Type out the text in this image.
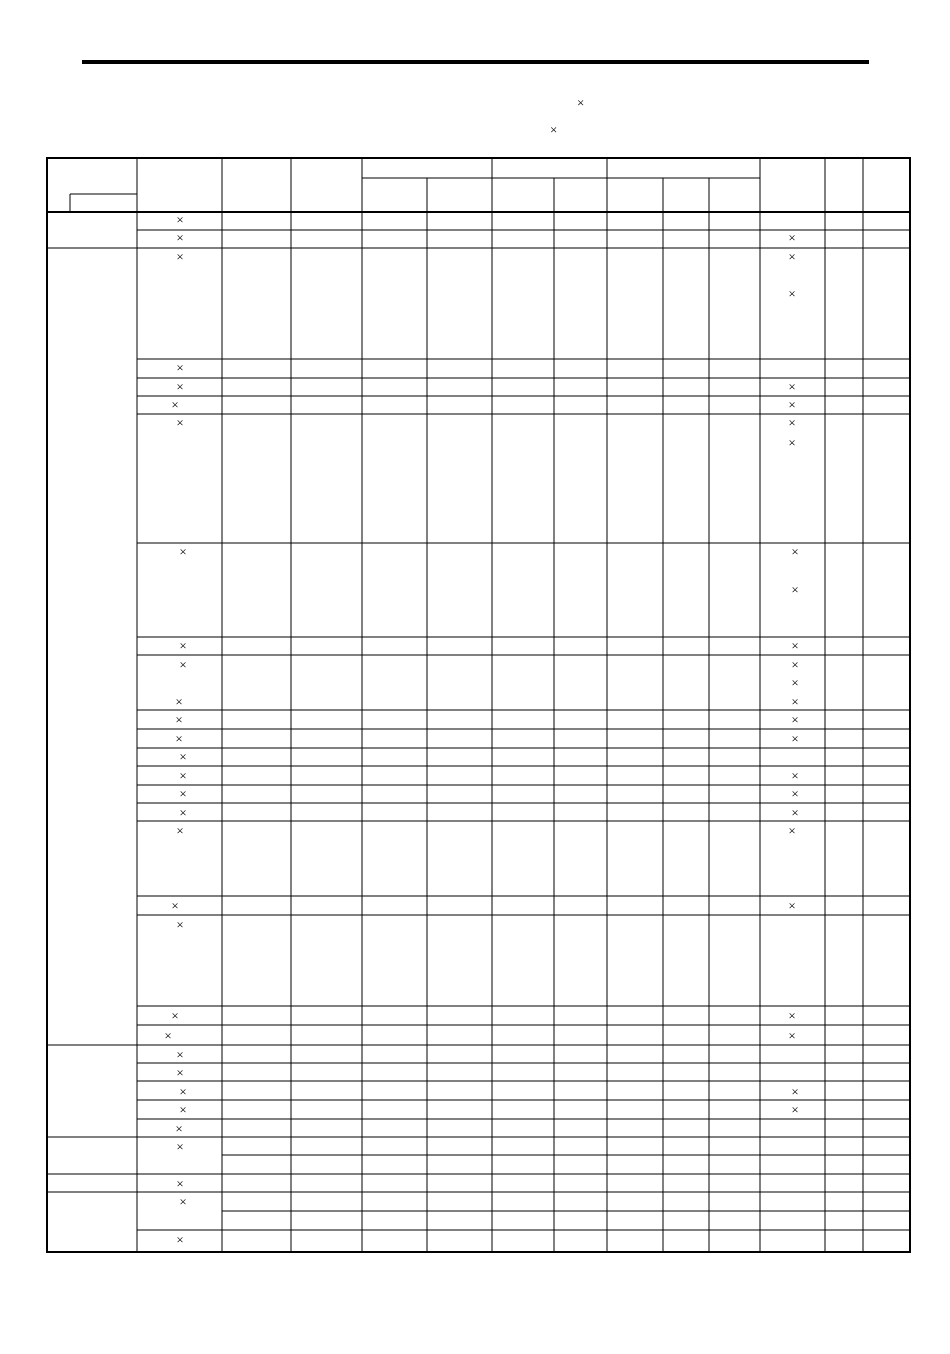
×
×
×
×
×
×
×
×
×
×
×
×
×
×
×
×
×
×
×
×
×
×
×
×
×
×
×
×
×
×
×
×
×
×
×
×
×
×
×
×
×
×
×
×
×
×
×
×
×
×
×
×
×
×
×
×
×
